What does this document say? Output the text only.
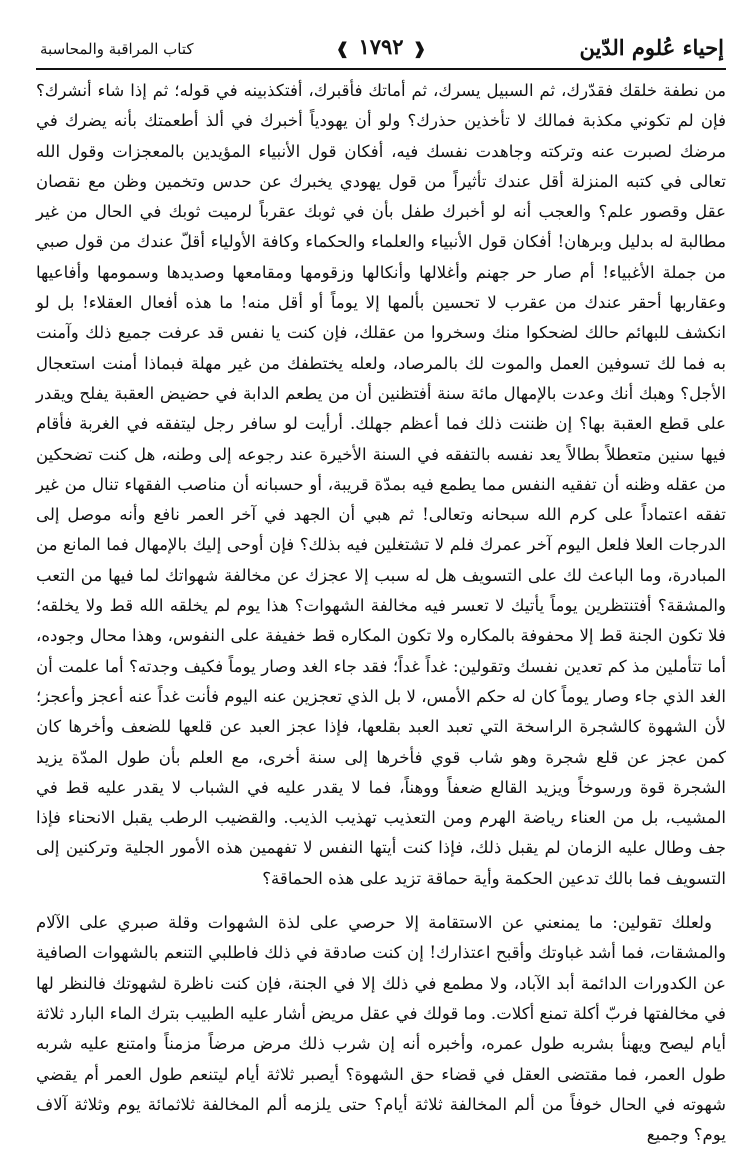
إحياء عُلوم الدّين
❰ ١٧٩٢ ❱
كتاب المراقبة والمحاسبة

من نطفة خلقك فقدّرك، ثم السبيل يسرك، ثم أماتك فأقبرك، أفتكذبينه في قوله؛ ثم إذا شاء أنشرك؟ فإن لم تكوني مكذبة فمالك لا تأخذين حذرك؟ ولو أن يهودياً أخبرك في ألذ أطعمتك بأنه يضرك في مرضك لصبرت عنه وتركته وجاهدت نفسك فيه، أفكان قول الأنبياء المؤيدين بالمعجزات وقول الله تعالى في كتبه المنزلة أقل عندك تأثيراً من قول يهودي يخبرك عن حدس وتخمين وظن مع نقصان عقل وقصور علم؟ والعجب أنه لو أخبرك طفل بأن في ثوبك عقرباً لرميت ثوبك في الحال من غير مطالبة له بدليل وبرهان! أفكان قول الأنبياء والعلماء والحكماء وكافة الأولياء أقلّ عندك من قول صبي من جملة الأغبياء! أم صار حر جهنم وأغلالها وأنكالها وزقومها ومقامعها وصديدها وسمومها وأفاعيها وعقاربها أحقر عندك من عقرب لا تحسين بألمها إلا يوماً أو أقل منه! ما هذه أفعال العقلاء! بل لو انكشف للبهائم حالك لضحكوا منك وسخروا من عقلك، فإن كنت يا نفس قد عرفت جميع ذلك وآمنت به فما لك تسوفين العمل والموت لك بالمرصاد، ولعله يختطفك من غير مهلة فبماذا أمنت استعجال الأجل؟ وهبك أنك وعدت بالإمهال مائة سنة أفتظنين أن من يطعم الدابة في حضيض العقبة يفلح ويقدر على قطع العقبة بها؟ إن ظننت ذلك فما أعظم جهلك. أرأيت لو سافر رجل ليتفقه في الغربة فأقام فيها سنين متعطلاً بطالاً يعد نفسه بالتفقه في السنة الأخيرة عند رجوعه إلى وطنه، هل كنت تضحكين من عقله وظنه أن تفقيه النفس مما يطمع فيه بمدّة قريبة، أو حسبانه أن مناصب الفقهاء تنال من غير تفقه اعتماداً على كرم الله سبحانه وتعالى! ثم هبي أن الجهد في آخر العمر نافع وأنه موصل إلى الدرجات العلا فلعل اليوم آخر عمرك فلم لا تشتغلين فيه بذلك؟ فإن أوحى إليك بالإمهال فما المانع من المبادرة، وما الباعث لك على التسويف هل له سبب إلا عجزك عن مخالفة شهواتك لما فيها من التعب والمشقة؟ أفتنتظرين يوماً يأتيك لا تعسر فيه مخالفة الشهوات؟ هذا يوم لم يخلقه الله قط ولا يخلقه؛ فلا تكون الجنة قط إلا محفوفة بالمكاره ولا تكون المكاره قط خفيفة على النفوس، وهذا محال وجوده، أما تتأملين مذ كم تعدين نفسك وتقولين: غداً غداً؛ فقد جاء الغد وصار يوماً فكيف وجدته؟ أما علمت أن الغد الذي جاء وصار يوماً كان له حكم الأمس، لا بل الذي تعجزين عنه اليوم فأنت غداً عنه أعجز وأعجز؛ لأن الشهوة كالشجرة الراسخة التي تعبد العبد بقلعها، فإذا عجز العبد عن قلعها للضعف وأخرها كان كمن عجز عن قلع شجرة وهو شاب قوي فأخرها إلى سنة أخرى، مع العلم بأن طول المدّة يزيد الشجرة قوة ورسوخاً ويزيد القالع ضعفاً ووهناً، فما لا يقدر عليه في الشباب لا يقدر عليه قط في المشيب، بل من العناء رياضة الهرم ومن التعذيب تهذيب الذيب. والقضيب الرطب يقبل الانحناء فإذا جف وطال عليه الزمان لم يقبل ذلك، فإذا كنت أيتها النفس لا تفهمين هذه الأمور الجلية وتركنين إلى التسويف فما بالك تدعين الحكمة وأية حماقة تزيد على هذه الحماقة؟

ولعلك تقولين: ما يمنعني عن الاستقامة إلا حرصي على لذة الشهوات وقلة صبري على الآلام والمشقات، فما أشد غباوتك وأقبح اعتذارك! إن كنت صادقة في ذلك فاطلبي التنعم بالشهوات الصافية عن الكدورات الدائمة أبد الآباد، ولا مطمع في ذلك إلا في الجنة، فإن كنت ناظرة لشهوتك فالنظر لها في مخالفتها فربّ أكلة تمنع أكلات. وما قولك في عقل مريض أشار عليه الطبيب بترك الماء البارد ثلاثة أيام ليصح ويهنأ بشربه طول عمره، وأخبره أنه إن شرب ذلك مرض مرضاً مزمناً وامتنع عليه شربه طول العمر، فما مقتضى العقل في قضاء حق الشهوة؟ أيصبر ثلاثة أيام ليتنعم طول العمر أم يقضي شهوته في الحال خوفاً من ألم المخالفة ثلاثة أيام؟ حتى يلزمه ألم المخالفة ثلاثمائة يوم وثلاثة آلاف يوم؟ وجميع
